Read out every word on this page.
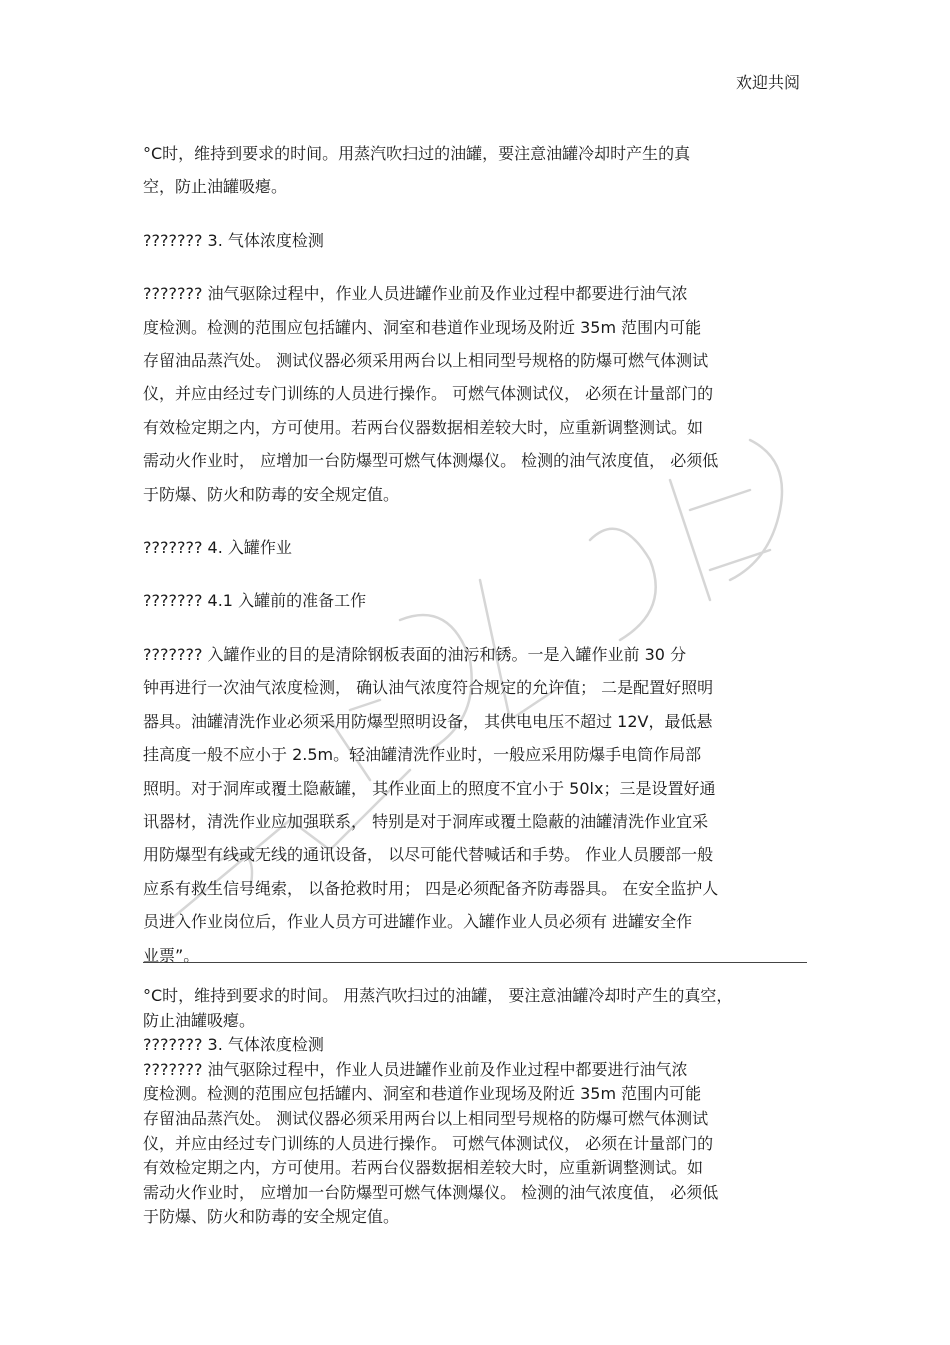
欢迎共阅

°C时，维持到要求的时间。用蒸汽吹扫过的油罐，要注意油罐冷却时产生的真
空，防止油罐吸瘪。

??????? 3. 气体浓度检测

??????? 油气驱除过程中，作业人员进罐作业前及作业过程中都要进行油气浓
度检测。检测的范围应包括罐内、洞室和巷道作业现场及附近 35m 范围内可能
存留油品蒸汽处。 测试仪器必须采用两台以上相同型号规格的防爆可燃气体测试
仪，并应由经过专门训练的人员进行操作。 可燃气体测试仪， 必须在计量部门的
有效检定期之内，方可使用。若两台仪器数据相差较大时，应重新调整测试。如
需动火作业时， 应增加一台防爆型可燃气体测爆仪。 检测的油气浓度值， 必须低
于防爆、防火和防毒的安全规定值。

??????? 4. 入罐作业

??????? 4.1 入罐前的准备工作

??????? 入罐作业的目的是清除钢板表面的油污和锈。一是入罐作业前 30 分
钟再进行一次油气浓度检测， 确认油气浓度符合规定的允许值； 二是配置好照明
器具。油罐清洗作业必须采用防爆型照明设备， 其供电电压不超过 12V，最低悬
挂高度一般不应小于 2.5m。轻油罐清洗作业时，一般应采用防爆手电筒作局部
照明。对于洞库或覆土隐蔽罐， 其作业面上的照度不宜小于 50lx；三是设置好通
讯器材，清洗作业应加强联系， 特别是对于洞库或覆土隐蔽的油罐清洗作业宜采
用防爆型有线或无线的通讯设备， 以尽可能代替喊话和手势。 作业人员腰部一般
应系有救生信号绳索， 以备抢救时用； 四是必须配备齐防毒器具。 在安全监护人
员进入作业岗位后，作业人员方可进罐作业。入罐作业人员必须有 进罐安全作
业票”。

°C时，维持到要求的时间。 用蒸汽吹扫过的油罐， 要注意油罐冷却时产生的真空，
防止油罐吸瘪。
??????? 3. 气体浓度检测
??????? 油气驱除过程中，作业人员进罐作业前及作业过程中都要进行油气浓
度检测。检测的范围应包括罐内、洞室和巷道作业现场及附近 35m 范围内可能
存留油品蒸汽处。 测试仪器必须采用两台以上相同型号规格的防爆可燃气体测试
仪，并应由经过专门训练的人员进行操作。 可燃气体测试仪， 必须在计量部门的
有效检定期之内，方可使用。若两台仪器数据相差较大时，应重新调整测试。如
需动火作业时， 应增加一台防爆型可燃气体测爆仪。 检测的油气浓度值， 必须低
于防爆、防火和防毒的安全规定值。
